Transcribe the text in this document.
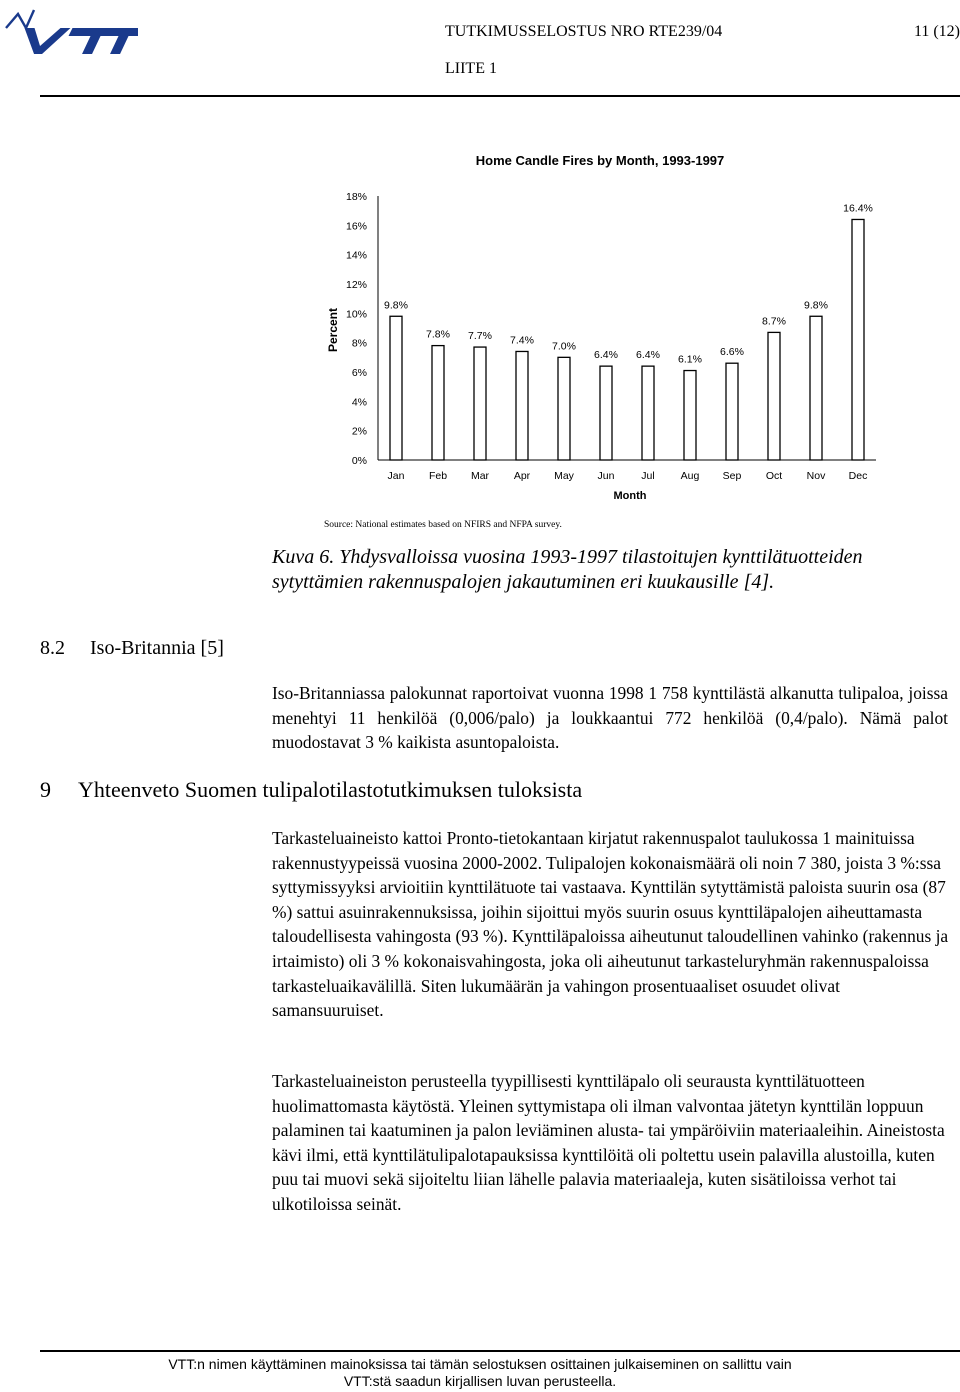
TUTKIMUSSELOSTUS NRO RTE239/04	11 (12)
LIITE 1
Home Candle Fires by Month, 1993-1997
Percent
0%
2%
4%
6%
8%
10%
12%
14%
16%
18%
9.8%
7.8% 7.7% 7.4% 7.0%
6.4% 6.4% 6.1%
6.6%
8.7%
9.8%
16.4%
Jan Feb Mar Apr May Jun	Jul Aug Sep Oct Nov Dec
Month
Source: National estimates based on NFIRS and NFPA survey.
Kuva 6. Yhdysvalloissa vuosina 1993-1997 tilastoitujen kynttilätuotteiden sytyttämien rakennuspalojen jakautuminen eri kuukausille [4].
8.2 Iso-Britannia [5]
Iso-Britanniassa palokunnat raportoivat vuonna 1998 1 758 kynttilästä alkanutta tulipaloa, joissa menehtyi 11 henkilöä (0,006/palo) ja loukkaantui 772 henkilöä (0,4/palo). Nämä palot muodostavat 3 % kaikista asuntopaloista.
9 Yhteenveto Suomen tulipalotilastotutkimuksen tuloksista
Tarkasteluaineisto kattoi Pronto-tietokantaan kirjatut rakennuspalot taulukossa 1 mainituissa rakennustyypeissä vuosina 2000-2002. Tulipalojen kokonaismäärä oli noin 7 380, joista 3 %:ssa syttymissyyksi arvioitiin kynttilätuote tai vastaava. Kynttilän sytyttämistä paloista suurin osa (87 %) sattui asuinrakennuksissa, joihin sijoittui myös suurin osuus kynttiläpalojen aiheuttamasta taloudellisesta vahingosta (93 %). Kynttiläpaloissa aiheutunut taloudellinen vahinko (rakennus ja irtaimisto) oli 3 % kokonaisvahingosta, joka oli aiheutunut tarkasteluryhmän rakennuspaloissa tarkasteluaikavälillä. Siten lukumäärän ja vahingon prosentuaaliset osuudet olivat samansuuruiset.
Tarkasteluaineiston perusteella tyypillisesti kynttiläpalo oli seurausta kynttilätuotteen huolimattomasta käytöstä. Yleinen syttymistapa oli ilman valvontaa jätetyn kynttilän loppuun palaminen tai kaatuminen ja palon leviäminen alusta- tai ympäröiviin materiaaleihin. Aineistosta kävi ilmi, että kynttilätulipalotapauksissa kynttilöitä oli poltettu usein palavilla alustoilla, kuten puu tai muovi sekä sijoiteltu liian lähelle palavia materiaaleja, kuten sisätiloissa verhot tai ulkotiloissa seinät.
VTT:n nimen käyttäminen mainoksissa tai tämän selostuksen osittainen julkaiseminen on sallittu vain
VTT:stä saadun kirjallisen luvan perusteella.
